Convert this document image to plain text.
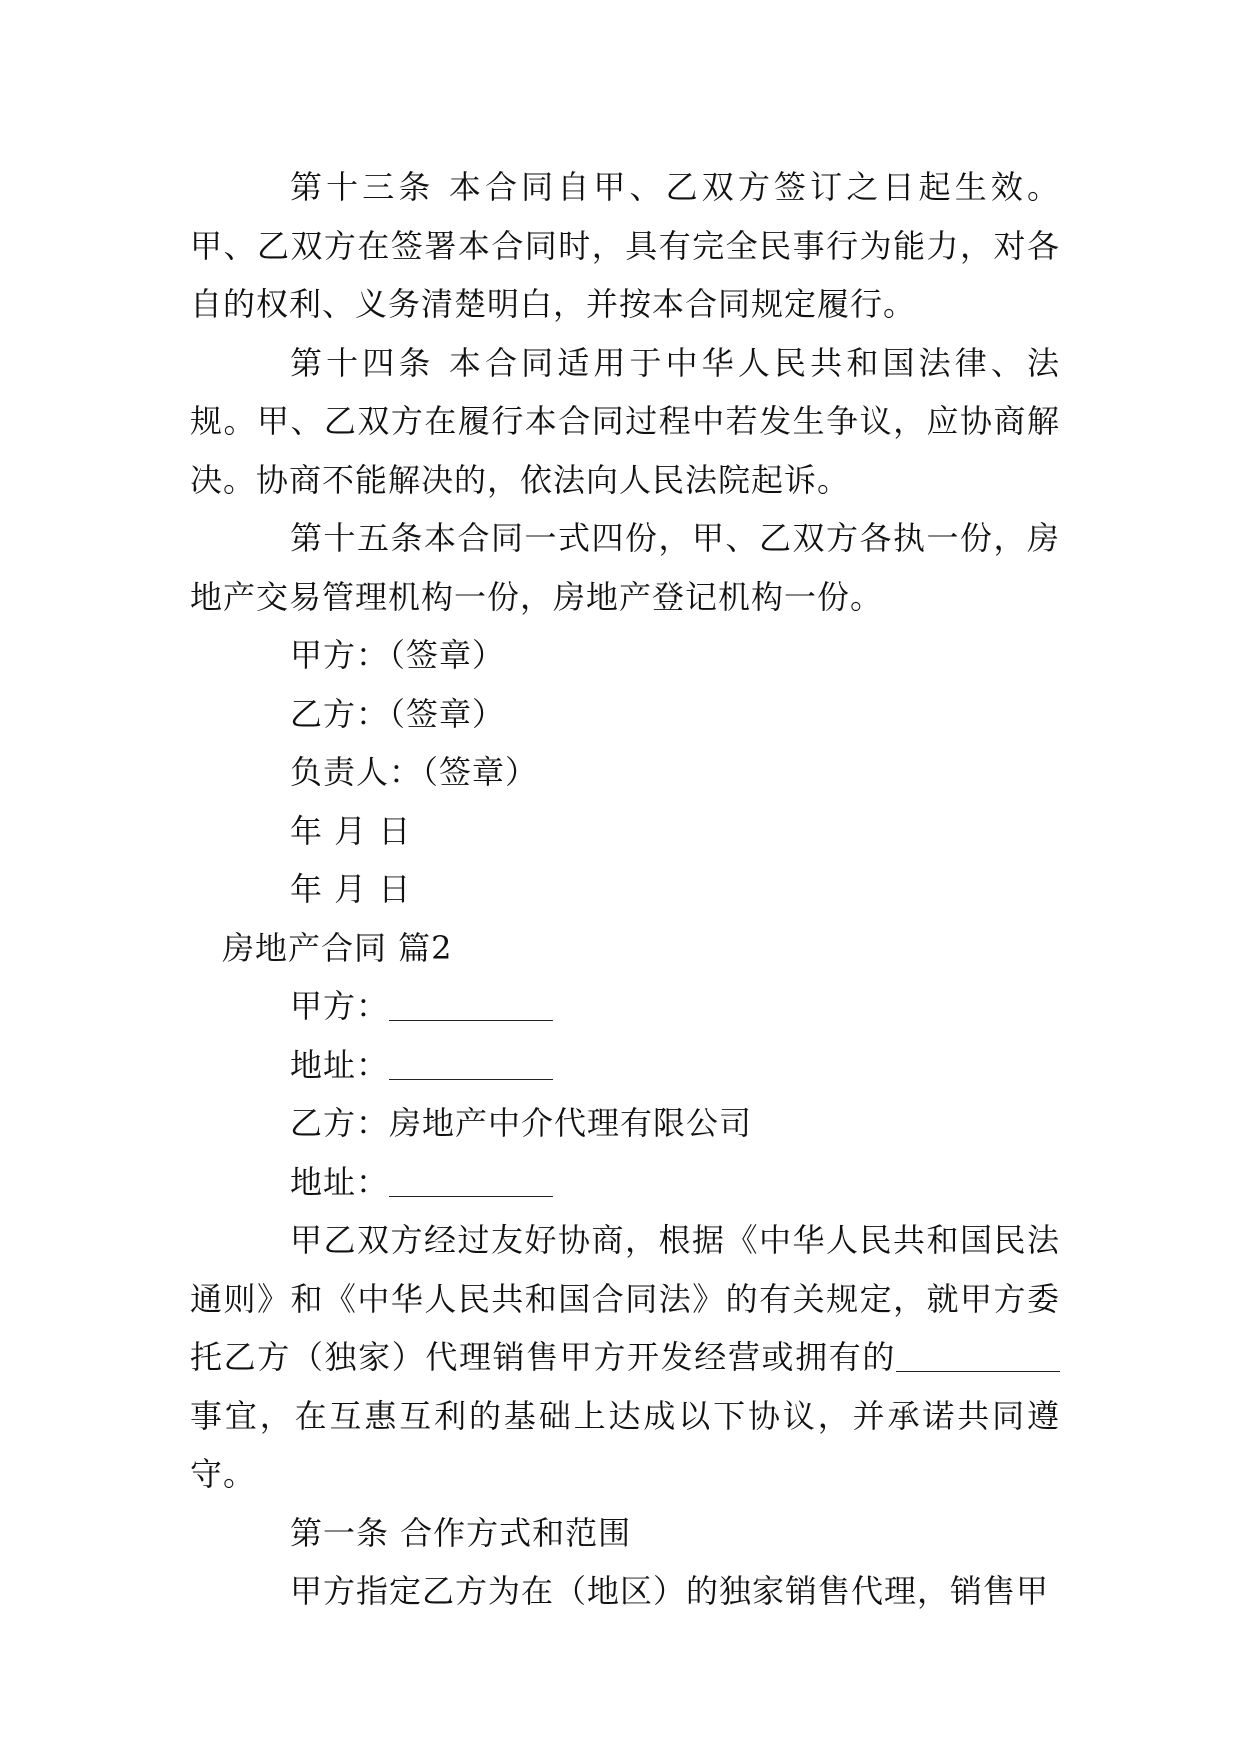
第十三条 本合同自甲、乙双方签订之日起生效。甲、乙双方在签署本合同时，具有完全民事行为能力，对各自的权利、义务清楚明白，并按本合同规定履行。

第十四条 本合同适用于中华人民共和国法律、法规。甲、乙双方在履行本合同过程中若发生争议，应协商解决。协商不能解决的，依法向人民法院起诉。

第十五条本合同一式四份，甲、乙双方各执一份，房地产交易管理机构一份，房地产登记机构一份。

甲方：（签章）

乙方：（签章）

负责人：（签章）

年 月 日

年 月 日

房地产合同 篇2

甲方：

地址：

乙方：房地产中介代理有限公司

地址：

甲乙双方经过友好协商，根据《中华人民共和国民法通则》和《中华人民共和国合同法》的有关规定，就甲方委托乙方（独家）代理销售甲方开发经营或拥有的事宜，在互惠互利的基础上达成以下协议，并承诺共同遵守。

第一条 合作方式和范围

甲方指定乙方为在（地区）的独家销售代理，销售甲
